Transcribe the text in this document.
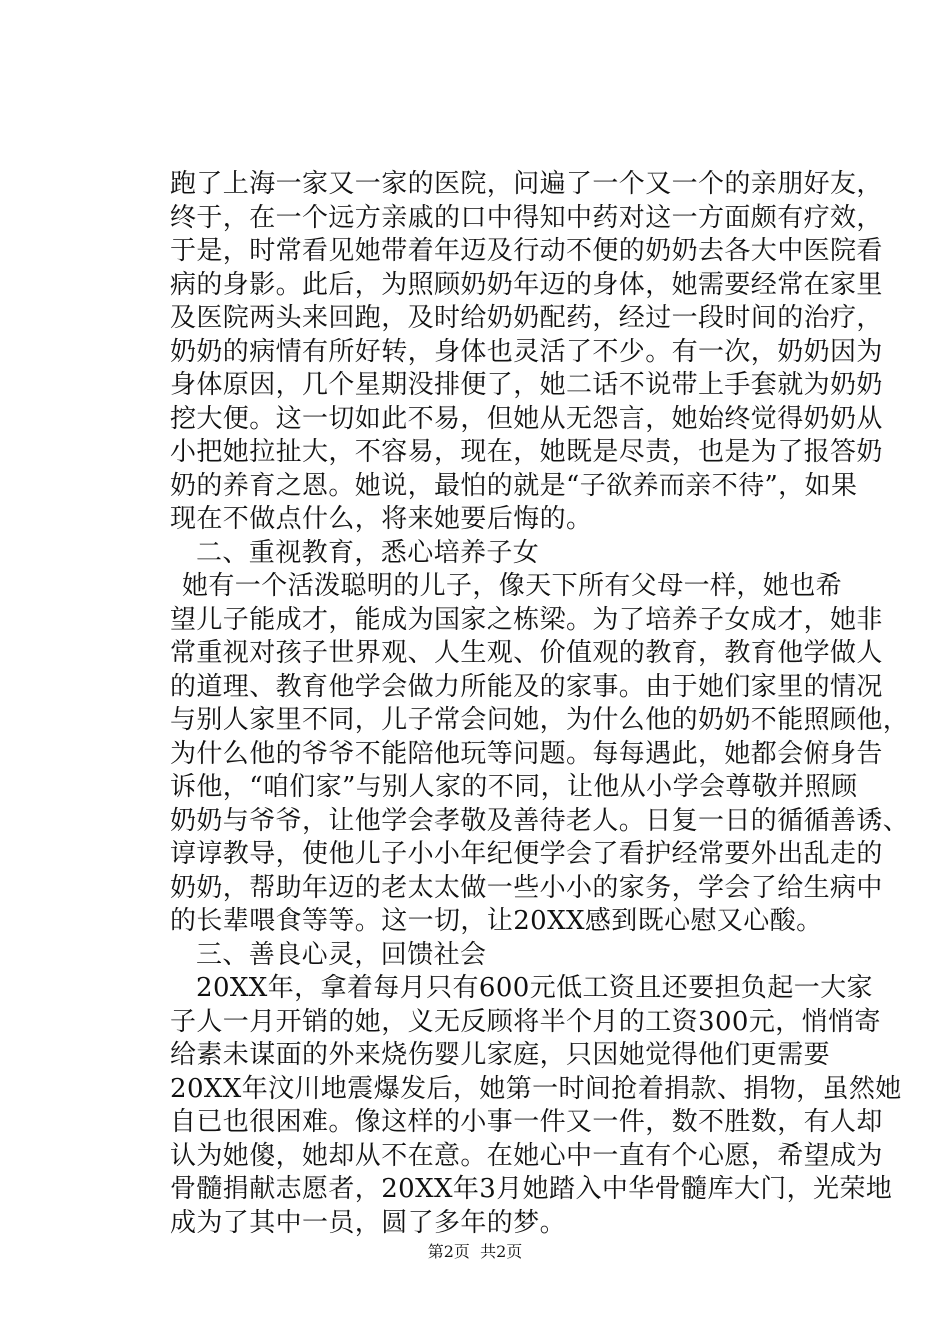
跑了上海一家又一家的医院，问遍了一个又一个的亲朋好友，
终于，在一个远方亲戚的口中得知中药对这一方面颇有疗效，
于是，时常看见她带着年迈及行动不便的奶奶去各大中医院看
病的身影。此后，为照顾奶奶年迈的身体，她需要经常在家里
及医院两头来回跑，及时给奶奶配药，经过一段时间的治疗，
奶奶的病情有所好转，身体也灵活了不少。有一次，奶奶因为
身体原因，几个星期没排便了，她二话不说带上手套就为奶奶
挖大便。这一切如此不易，但她从无怨言，她始终觉得奶奶从
小把她拉扯大，不容易，现在，她既是尽责，也是为了报答奶
奶的养育之恩。她说，最怕的就是“子欲养而亲不待”，如果
现在不做点什么，将来她要后悔的。
二、重视教育，悉心培养子女
她有一个活泼聪明的儿子，像天下所有父母一样，她也希
望儿子能成才，能成为国家之栋梁。为了培养子女成才，她非
常重视对孩子世界观、人生观、价值观的教育，教育他学做人
的道理、教育他学会做力所能及的家事。由于她们家里的情况
与别人家里不同，儿子常会问她，为什么他的奶奶不能照顾他，
为什么他的爷爷不能陪他玩等问题。每每遇此，她都会俯身告
诉他，“咱们家”与别人家的不同，让他从小学会尊敬并照顾
奶奶与爷爷，让他学会孝敬及善待老人。日复一日的循循善诱、
谆谆教导，使他儿子小小年纪便学会了看护经常要外出乱走的
奶奶，帮助年迈的老太太做一些小小的家务，学会了给生病中
的长辈喂食等等。这一切，让20XX感到既心慰又心酸。
三、善良心灵，回馈社会
20XX年，拿着每月只有600元低工资且还要担负起一大家
子人一月开销的她，义无反顾将半个月的工资300元，悄悄寄
给素未谋面的外来烧伤婴儿家庭，只因她觉得他们更需要
20XX年汶川地震爆发后，她第一时间抢着捐款、捐物，虽然她
自已也很困难。像这样的小事一件又一件，数不胜数，有人却
认为她傻，她却从不在意。在她心中一直有个心愿，希望成为
骨髓捐献志愿者，20XX年3月她踏入中华骨髓库大门，光荣地
成为了其中一员，圆了多年的梦。
第2页  共2页
